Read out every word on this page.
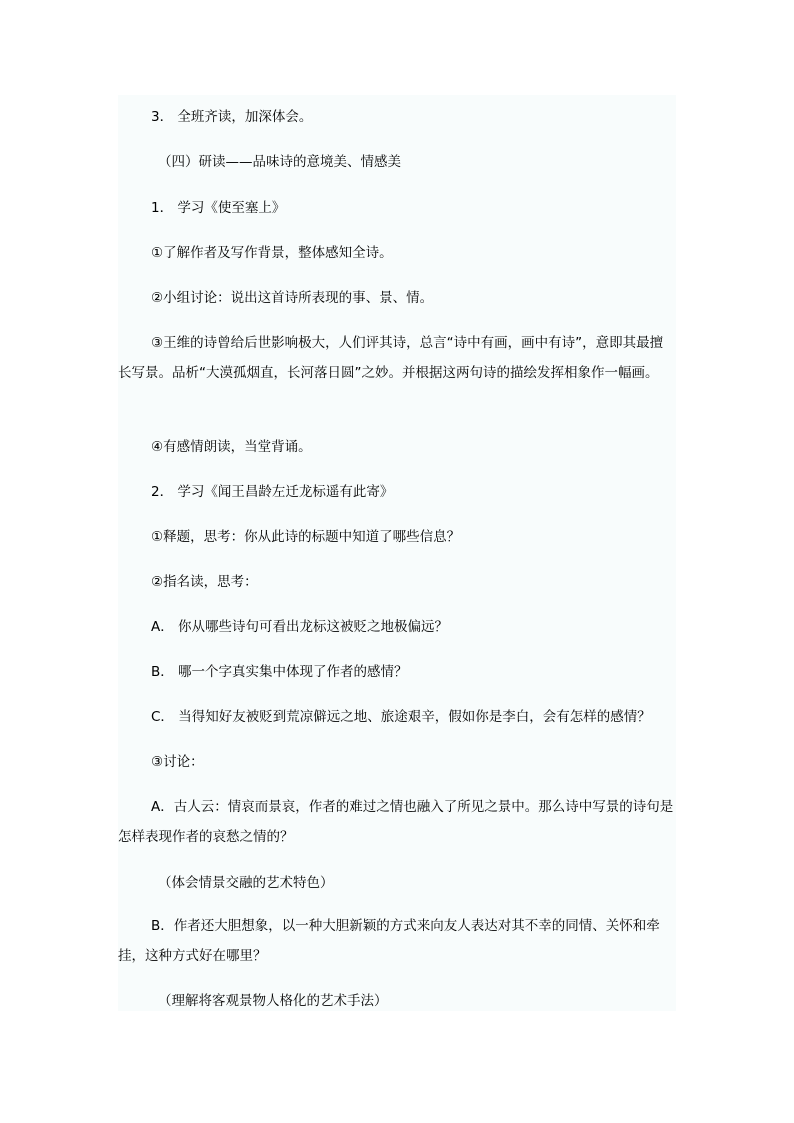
3． 全班齐读，加深体会。

（四）研读——品味诗的意境美、情感美

1． 学习《使至塞上》

①了解作者及写作背景，整体感知全诗。

②小组讨论：说出这首诗所表现的事、景、情。

③王维的诗曾给后世影响极大，人们评其诗，总言“诗中有画，画中有诗”，意即其最擅长写景。品析“大漠孤烟直，长河落日圆”之妙。并根据这两句诗的描绘发挥相象作一幅画。

④有感情朗读，当堂背诵。

2． 学习《闻王昌龄左迁龙标遥有此寄》

①释题，思考：你从此诗的标题中知道了哪些信息？

②指名读，思考：

A． 你从哪些诗句可看出龙标这被贬之地极偏远？

B． 哪一个字真实集中体现了作者的感情？

C． 当得知好友被贬到荒凉僻远之地、旅途艰辛，假如你是李白，会有怎样的感情？

③讨论：

A．古人云：情哀而景哀，作者的难过之情也融入了所见之景中。那么诗中写景的诗句是怎样表现作者的哀愁之情的？

（体会情景交融的艺术特色）

B．作者还大胆想象，以一种大胆新颖的方式来向友人表达对其不幸的同情、关怀和牵挂，这种方式好在哪里？

（理解将客观景物人格化的艺术手法）
